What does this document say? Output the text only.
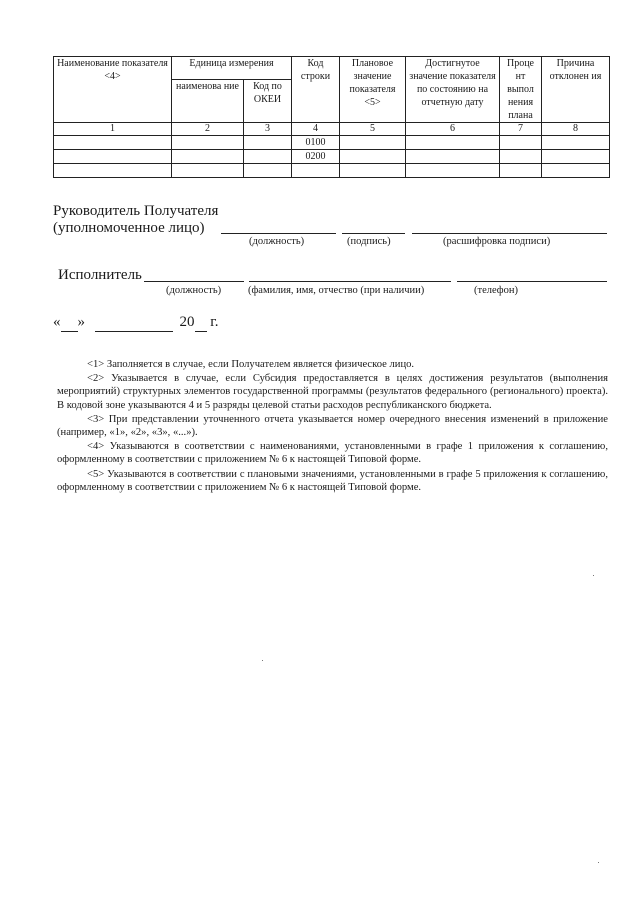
Наименование показателя <4>	Единица измерения		Код строки	Плановое значение показателя <5>	Достигнутое значение показателя по состоянию на отчетную дату	Проце нт выпол нения плана	Причина отклонен ия
	наименова ние	Код по ОКЕИ					
1	2	3	4	5	6	7	8
			0100				
			0200				

Руководитель Получателя
(уполномоченное лицо)
(должность)	(подпись)	(расшифровка подписи)
Исполнитель
(должность)	(фамилия, имя, отчество (при наличии)	(телефон)
« »	20 г.

<1> Заполняется в случае, если Получателем является физическое лицо.

<2> Указывается в случае, если Субсидия предоставляется в целях достижения результатов (выполнения мероприятий) структурных элементов государственной программы (результатов федерального (регионального) проекта). В кодовой зоне указываются 4 и 5 разряды целевой статьи расходов республиканского бюджета.

<3> При представлении уточненного отчета указывается номер очередного внесения изменений в приложение (например, «1», «2», «3», «...»).

<4> Указываются в соответствии с наименованиями, установленными в графе 1 приложения к соглашению, оформленному в соответствии с приложением № 6 к настоящей Типовой форме.

<5> Указываются в соответствии с плановыми значениями, установленными в графе 5 приложения к соглашению, оформленному в соответствии с приложением № 6 к настоящей Типовой форме.
